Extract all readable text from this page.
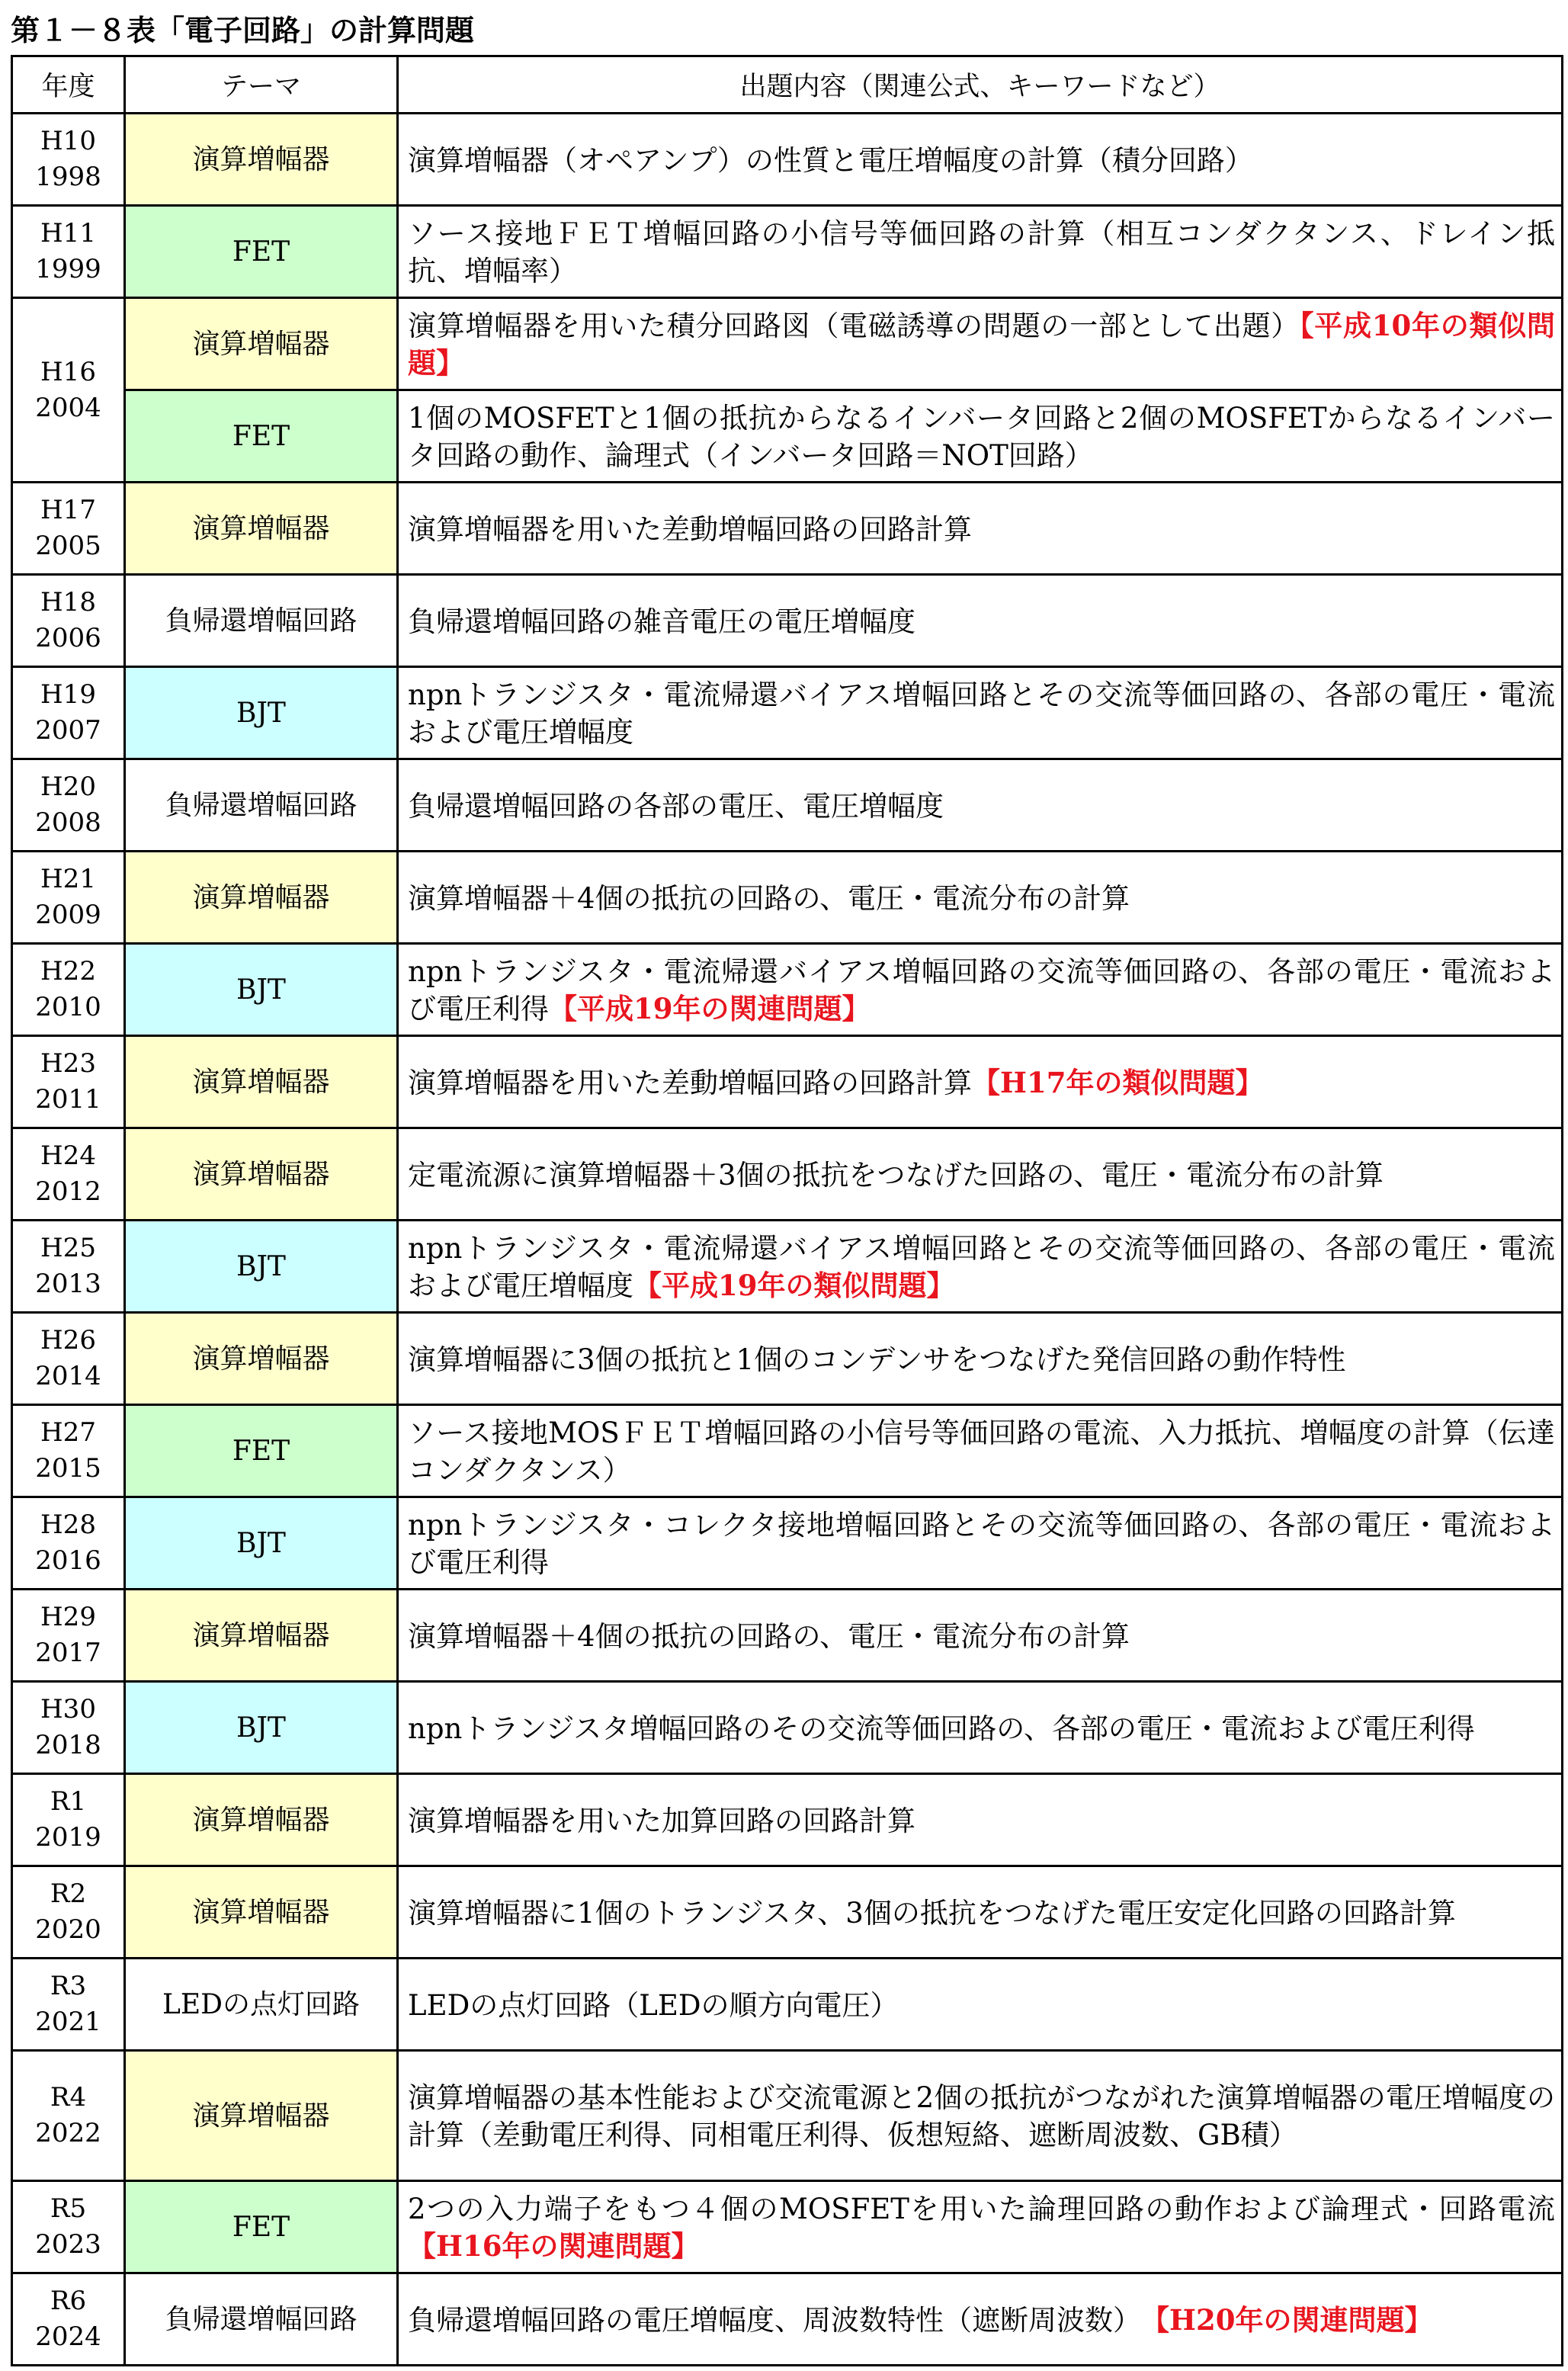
第１－８表「電子回路」の計算問題
年度	テーマ	出題内容（関連公式、キーワードなど）
H10
1998	演算増幅器	演算増幅器（オペアンプ）の性質と電圧増幅度の計算（積分回路）
H11
1999	FET	ソース接地ＦＥＴ増幅回路の小信号等価回路の計算（相互コンダクタンス、ドレイン抵抗、増幅率）
H16
2004	演算増幅器	演算増幅器を用いた積分回路図（電磁誘導の問題の一部として出題）【平成10年の類似問題】
	FET	1個のMOSFETと1個の抵抗からなるインバータ回路と2個のMOSFETからなるインバータ回路の動作、論理式（インバータ回路＝NOT回路）
H17
2005	演算増幅器	演算増幅器を用いた差動増幅回路の回路計算
H18
2006	負帰還増幅回路	負帰還増幅回路の雑音電圧の電圧増幅度
H19
2007	BJT	npnトランジスタ・電流帰還バイアス増幅回路とその交流等価回路の、各部の電圧・電流および電圧増幅度
H20
2008	負帰還増幅回路	負帰還増幅回路の各部の電圧、電圧増幅度
H21
2009	演算増幅器	演算増幅器＋4個の抵抗の回路の、電圧・電流分布の計算
H22
2010	BJT	npnトランジスタ・電流帰還バイアス増幅回路の交流等価回路の、各部の電圧・電流および電圧利得【平成19年の関連問題】
H23
2011	演算増幅器	演算増幅器を用いた差動増幅回路の回路計算【H17年の類似問題】
H24
2012	演算増幅器	定電流源に演算増幅器＋3個の抵抗をつなげた回路の、電圧・電流分布の計算
H25
2013	BJT	npnトランジスタ・電流帰還バイアス増幅回路とその交流等価回路の、各部の電圧・電流および電圧増幅度【平成19年の類似問題】
H26
2014	演算増幅器	演算増幅器に3個の抵抗と1個のコンデンサをつなげた発信回路の動作特性
H27
2015	FET	ソース接地MOSＦＥＴ増幅回路の小信号等価回路の電流、入力抵抗、増幅度の計算（伝達コンダクタンス）
H28
2016	BJT	npnトランジスタ・コレクタ接地増幅回路とその交流等価回路の、各部の電圧・電流および電圧利得
H29
2017	演算増幅器	演算増幅器＋4個の抵抗の回路の、電圧・電流分布の計算
H30
2018	BJT	npnトランジスタ増幅回路のその交流等価回路の、各部の電圧・電流および電圧利得
R1
2019	演算増幅器	演算増幅器を用いた加算回路の回路計算
R2
2020	演算増幅器	演算増幅器に1個のトランジスタ、3個の抵抗をつなげた電圧安定化回路の回路計算
R3
2021	LEDの点灯回路	LEDの点灯回路（LEDの順方向電圧）
R4
2022	演算増幅器	演算増幅器の基本性能および交流電源と2個の抵抗がつながれた演算増幅器の電圧増幅度の計算（差動電圧利得、同相電圧利得、仮想短絡、遮断周波数、GB積）
R5
2023	FET	2つの入力端子をもつ４個のMOSFETを用いた論理回路の動作および論理式・回路電流【H16年の関連問題】
R6
2024	負帰還増幅回路	負帰還増幅回路の電圧増幅度、周波数特性（遮断周波数）　【H20年の関連問題】
